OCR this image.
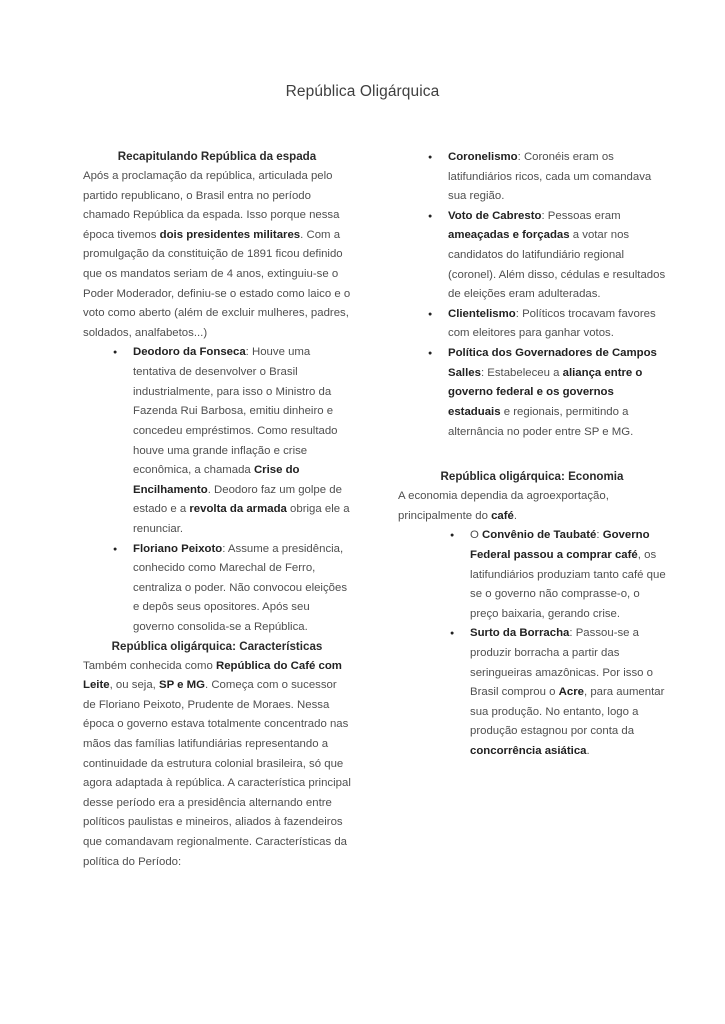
República Oligárquica
Recapitulando República da espada

Após a proclamação da república, articulada pelo partido republicano, o Brasil entra no período chamado República da espada. Isso porque nessa época tivemos dois presidentes militares. Com a promulgação da constituição de 1891 ficou definido que os mandatos seriam de 4 anos, extinguiu-se o Poder Moderador, definiu-se o estado como laico e o voto como aberto (além de excluir mulheres, padres, soldados, analfabetos...)

● Deodoro da Fonseca: Houve uma tentativa de desenvolver o Brasil industrialmente, para isso o Ministro da Fazenda Rui Barbosa, emitiu dinheiro e concedeu empréstimos. Como resultado houve uma grande inflação e crise econômica, a chamada Crise do Encilhamento. Deodoro faz um golpe de estado e a revolta da armada obriga ele a renunciar.
● Floriano Peixoto: Assume a presidência, conhecido como Marechal de Ferro, centraliza o poder. Não convocou eleições e depôs seus opositores. Após seu governo consolida-se a República.
República oligárquica: Características

Também conhecida como República do Café com Leite, ou seja, SP e MG. Começa com o sucessor de Floriano Peixoto, Prudente de Moraes. Nessa época o governo estava totalmente concentrado nas mãos das famílias latifundiárias representando a continuidade da estrutura colonial brasileira, só que agora adaptada à república. A característica principal desse período era a presidência alternando entre políticos paulistas e mineiros, aliados à fazendeiros que comandavam regionalmente. Características da política do Período:

● Coronelismo: Coronéis eram os latifundiários ricos, cada um comandava sua região.
● Voto de Cabresto: Pessoas eram ameaçadas e forçadas a votar nos candidatos do latifundiário regional (coronel). Além disso, cédulas e resultados de eleições eram adulteradas.
● Clientelismo: Políticos trocavam favores com eleitores para ganhar votos.
● Política dos Governadores de Campos Salles: Estabeleceu a aliança entre o governo federal e os governos estaduais e regionais, permitindo a alternância no poder entre SP e MG.
República oligárquica: Economia

A economia dependia da agroexportação, principalmente do café.

● O Convênio de Taubaté: Governo Federal passou a comprar café, os latifundiários produziam tanto café que se o governo não comprasse-o, o preço baixaria, gerando crise.
● Surto da Borracha: Passou-se a produzir borracha a partir das seringueiras amazônicas. Por isso o Brasil comprou o Acre, para aumentar sua produção. No entanto, logo a produção estagnou por conta da concorrência asiática.
